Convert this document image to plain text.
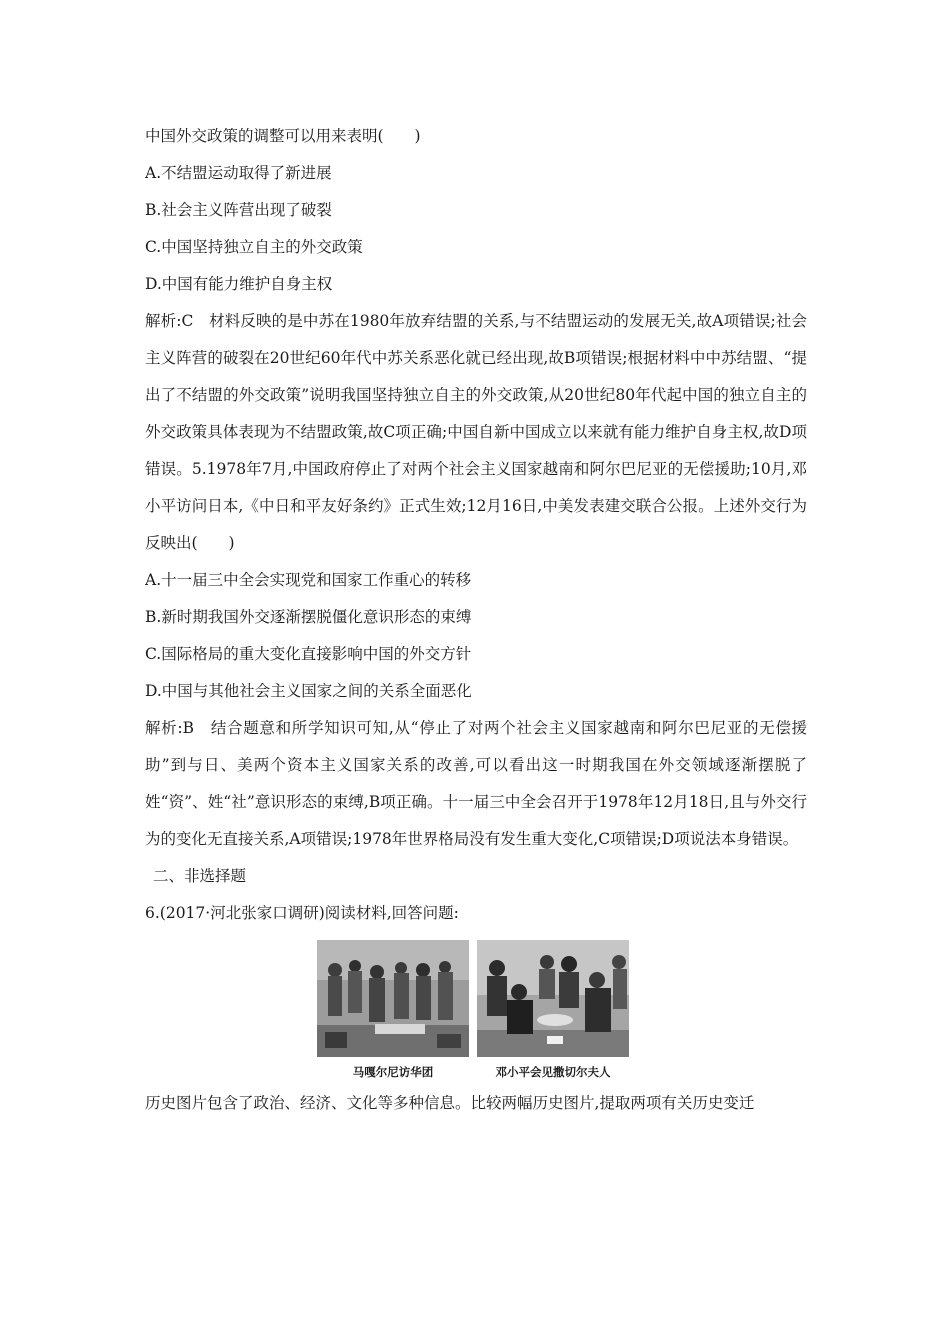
中国外交政策的调整可以用来表明(　　)
A.不结盟运动取得了新进展
B.社会主义阵营出现了破裂
C.中国坚持独立自主的外交政策
D.中国有能力维护自身主权
解析:C　材料反映的是中苏在1980年放弃结盟的关系,与不结盟运动的发展无关,故A项错误;社会主义阵营的破裂在20世纪60年代中苏关系恶化就已经出现,故B项错误;根据材料中中苏结盟、“提出了不结盟的外交政策”说明我国坚持独立自主的外交政策,从20世纪80年代起中国的独立自主的外交政策具体表现为不结盟政策,故C项正确;中国自新中国成立以来就有能力维护自身主权,故D项错误。5.1978年7月,中国政府停止了对两个社会主义国家越南和阿尔巴尼亚的无偿援助;10月,邓小平访问日本,《中日和平友好条约》正式生效;12月16日,中美发表建交联合公报。上述外交行为反映出(　　)
A.十一届三中全会实现党和国家工作重心的转移
B.新时期我国外交逐渐摆脱僵化意识形态的束缚
C.国际格局的重大变化直接影响中国的外交方针
D.中国与其他社会主义国家之间的关系全面恶化
解析:B　结合题意和所学知识可知,从“停止了对两个社会主义国家越南和阿尔巴尼亚的无偿援助”到与日、美两个资本主义国家关系的改善,可以看出这一时期我国在外交领域逐渐摆脱了姓“资”、姓“社”意识形态的束缚,B项正确。十一届三中全会召开于1978年12月18日,且与外交行为的变化无直接关系,A项错误;1978年世界格局没有发生重大变化,C项错误;D项说法本身错误。
二、非选择题
6.(2017·河北张家口调研)阅读材料,回答问题:
马嘎尔尼访华团	邓小平会见撒切尔夫人
历史图片包含了政治、经济、文化等多种信息。比较两幅历史图片,提取两项有关历史变迁
